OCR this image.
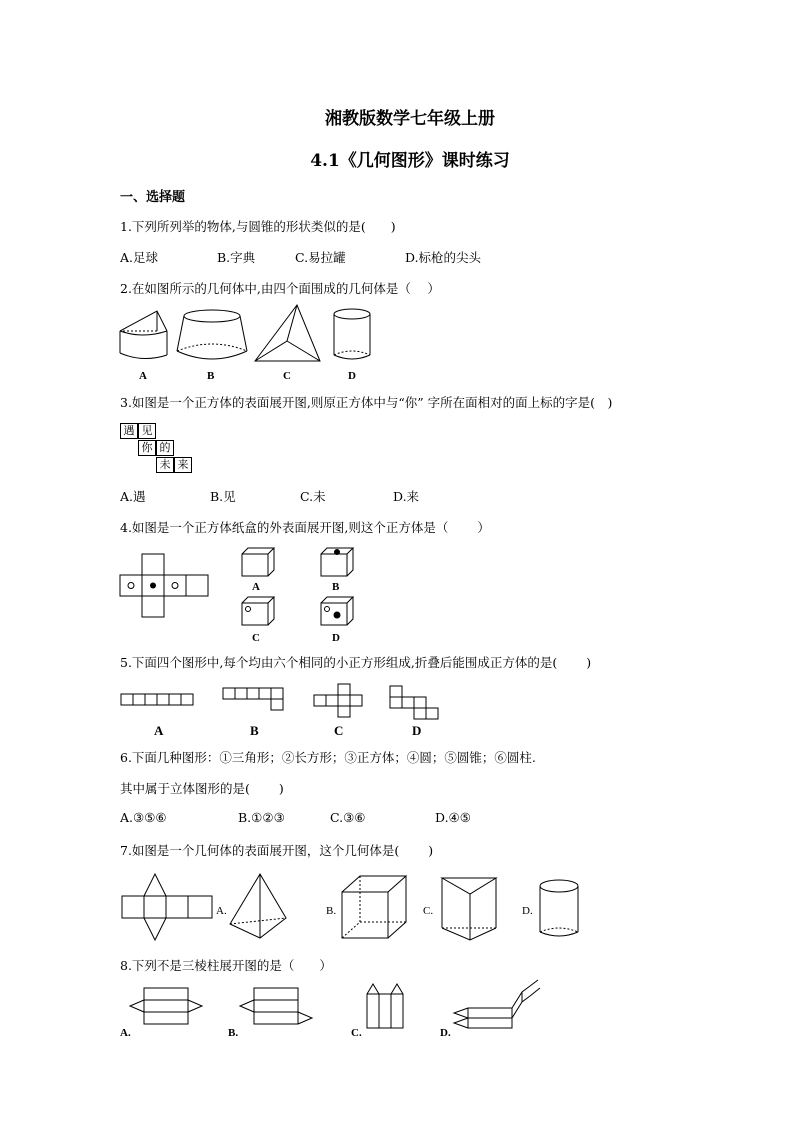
湘教版数学七年级上册
4.1《几何图形》课时练习
一、选择题
1.下列所列举的物体,与圆锥的形状类似的是(　　)
A.足球	B.字典	C.易拉罐	D.标枪的尖头
2.在如图所示的几何体中,由四个面围成的几何体是（　 ）
A	B	C	D
3.如图是一个正方体的表面展开图,则原正方体中与“你” 字所在面相对的面上标的字是(　)
遇 见
你 的
未 来
A.遇	B.见	C.未	D.来
4.如图是一个正方体纸盒的外表面展开图,则这个正方体是（　　 ）
A	B
C	D
5.下面四个图形中,每个均由六个相同的小正方形组成,折叠后能围成正方体的是(　　 )
A	B	C	D
6.下面几种图形：①三角形；②长方形；③正方体；④圆；⑤圆锥；⑥圆柱.
其中属于立体图形的是(　　 )
A.③⑤⑥	B.①②③	C.③⑥	D.④⑤
7.如图是一个几何体的表面展开图，这个几何体是(　　 )
A.	B.	C.	D.
8.下列不是三棱柱展开图的是（　　）
A.	B.	C.	D.
